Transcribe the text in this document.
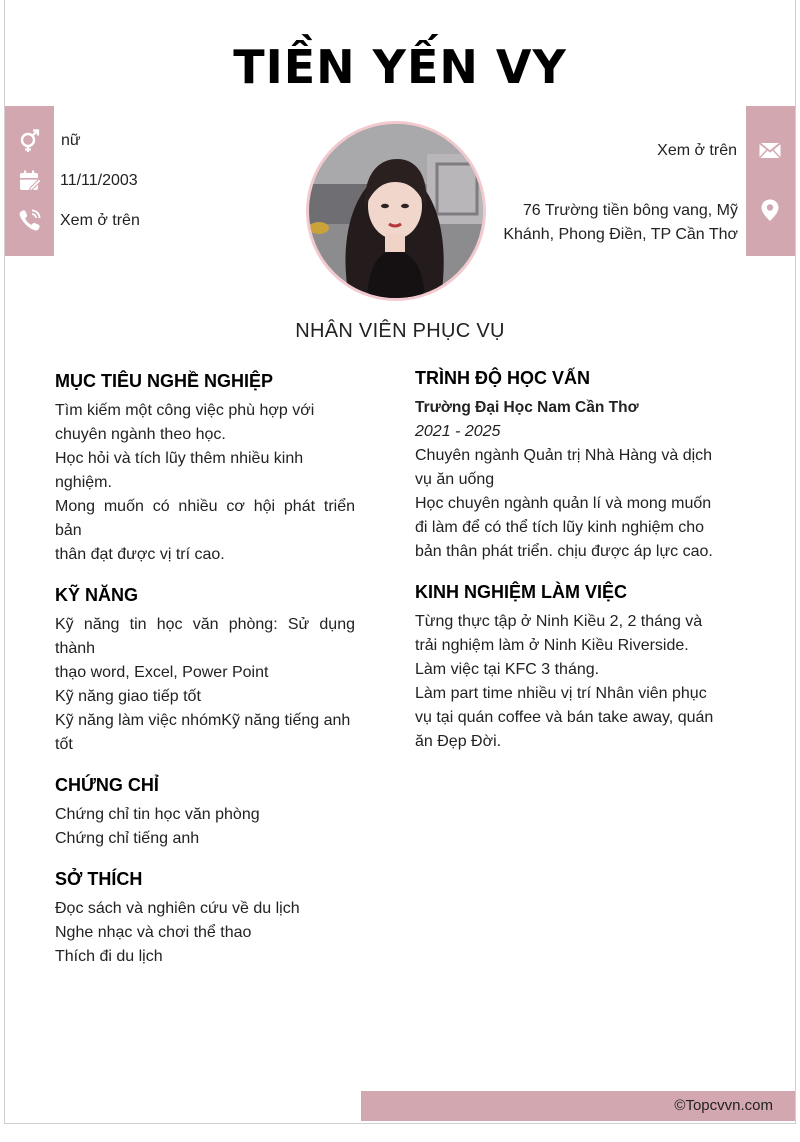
TIỀN YẾN VY
nữ
11/11/2003
Xem ở trên
Xem ở trên
76 Trường tiền bông vang, Mỹ
Khánh, Phong Điền, TP Cần Thơ
NHÂN VIÊN PHỤC VỤ
MỤC TIÊU NGHỀ NGHIỆP
Tìm kiếm một công việc phù hợp với
chuyên ngành theo học.
Học hỏi và tích lũy thêm nhiều kinh
nghiệm.
Mong muốn có nhiều cơ hội phát triển bản
thân đạt được vị trí cao.
KỸ NĂNG
Kỹ năng tin học văn phòng: Sử dụng thành
thạo word, Excel, Power Point
Kỹ năng giao tiếp tốt
Kỹ năng làm việc nhómKỹ năng tiếng anh
tốt
CHỨNG CHỈ
Chứng chỉ tin học văn phòng
Chứng chỉ tiếng anh
SỞ THÍCH
Đọc sách và nghiên cứu về du lịch
Nghe nhạc và chơi thể thao
Thích đi du lịch
TRÌNH ĐỘ HỌC VẤN
Trường Đại Học Nam Cần Thơ
2021 - 2025
Chuyên ngành Quản trị Nhà Hàng và dịch
vụ ăn uống
Học chuyên ngành quản lí và mong muốn
đi làm để có thể tích lũy kinh nghiệm cho
bản thân phát triển. chịu được áp lực cao.
KINH NGHIỆM LÀM VIỆC
Từng thực tập ở Ninh Kiều 2, 2 tháng và
trải nghiệm làm ở Ninh Kiều Riverside.
Làm việc tại KFC 3 tháng.
Làm part time nhiều vị trí Nhân viên phục
vụ tại quán coffee và bán take away, quán
ăn Đẹp Đời.
©Topcvvn.com
